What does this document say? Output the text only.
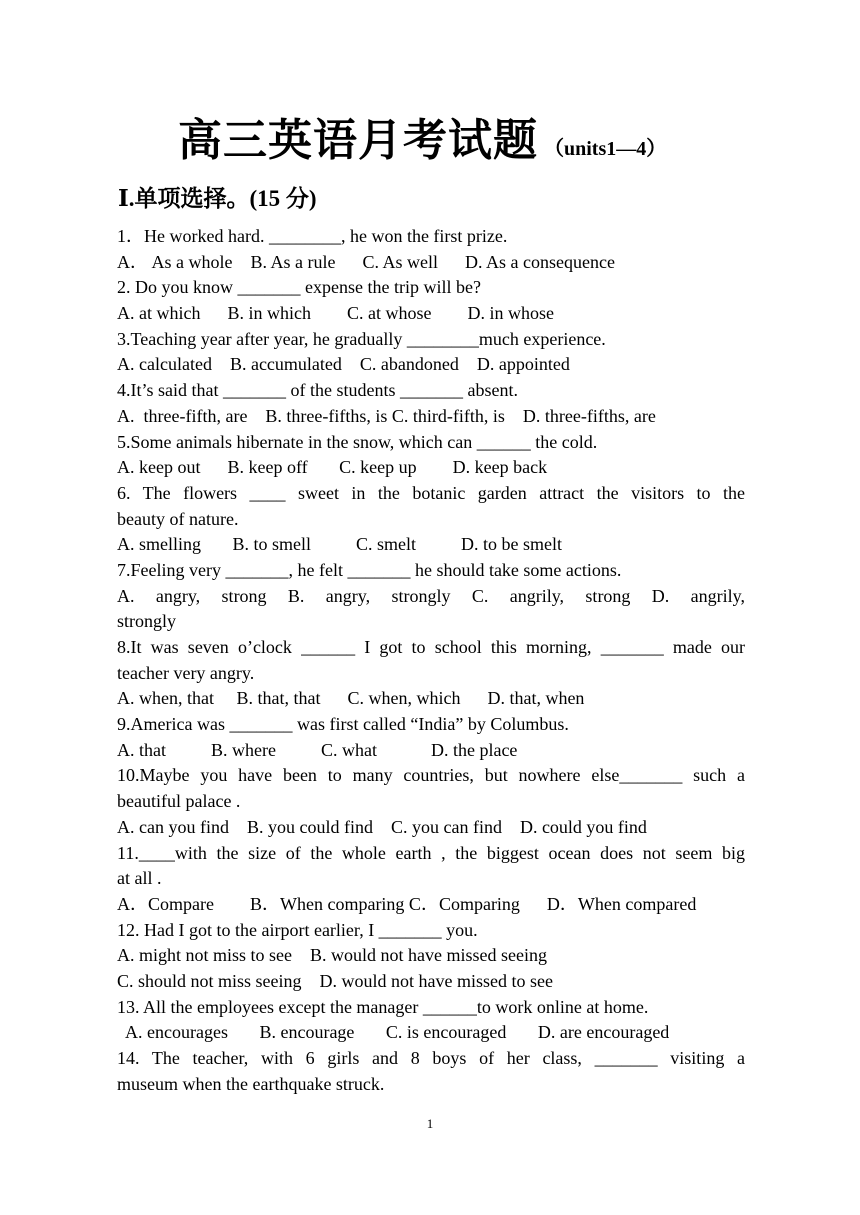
高三英语月考试题 （units1—4）
Ⅰ.单项选择。(15 分)
1．He worked hard. ________, he won the first prize.
A． As a whole    B. As a rule      C. As well      D. As a consequence
2. Do you know _______ expense the trip will be?
A. at which      B. in which        C. at whose        D. in whose
3.Teaching year after year, he gradually ________much experience.
A. calculated    B. accumulated    C. abandoned    D. appointed
4.It’s said that _______ of the students _______ absent.
A.  three-fifth, are    B. three-fifths, is C. third-fifth, is    D. three-fifths, are
5.Some animals hibernate in the snow, which can ______ the cold.
A. keep out      B. keep off       C. keep up        D. keep back
6. The flowers ____ sweet in the botanic garden attract the visitors to the
beauty of nature.
A. smelling       B. to smell          C. smelt          D. to be smelt
7.Feeling very _______, he felt _______ he should take some actions.
A. angry, strong B. angry, strongly C. angrily, strong D. angrily,
strongly
8.It was seven o’clock ______ I got to school this morning, _______ made our
teacher very angry.
A. when, that     B. that, that      C. when, which      D. that, when
9.America was _______ was first called “India” by Columbus.
A. that          B. where          C. what            D. the place
10.Maybe you have been to many countries, but nowhere else_______ such a
beautiful palace .
A. can you find    B. you could find    C. you can find    D. could you find
11.____with the size of the whole earth , the biggest ocean does not seem big
at all .
A．Compare        B．When comparing C．Comparing      D．When compared
12. Had I got to the airport earlier, I _______ you.
A. might not miss to see    B. would not have missed seeing
C. should not miss seeing    D. would not have missed to see
13. All the employees except the manager ______to work online at home.
A. encourages       B. encourage       C. is encouraged       D. are encouraged
14. The teacher, with 6 girls and 8 boys of her class, _______ visiting a
museum when the earthquake struck.
1
